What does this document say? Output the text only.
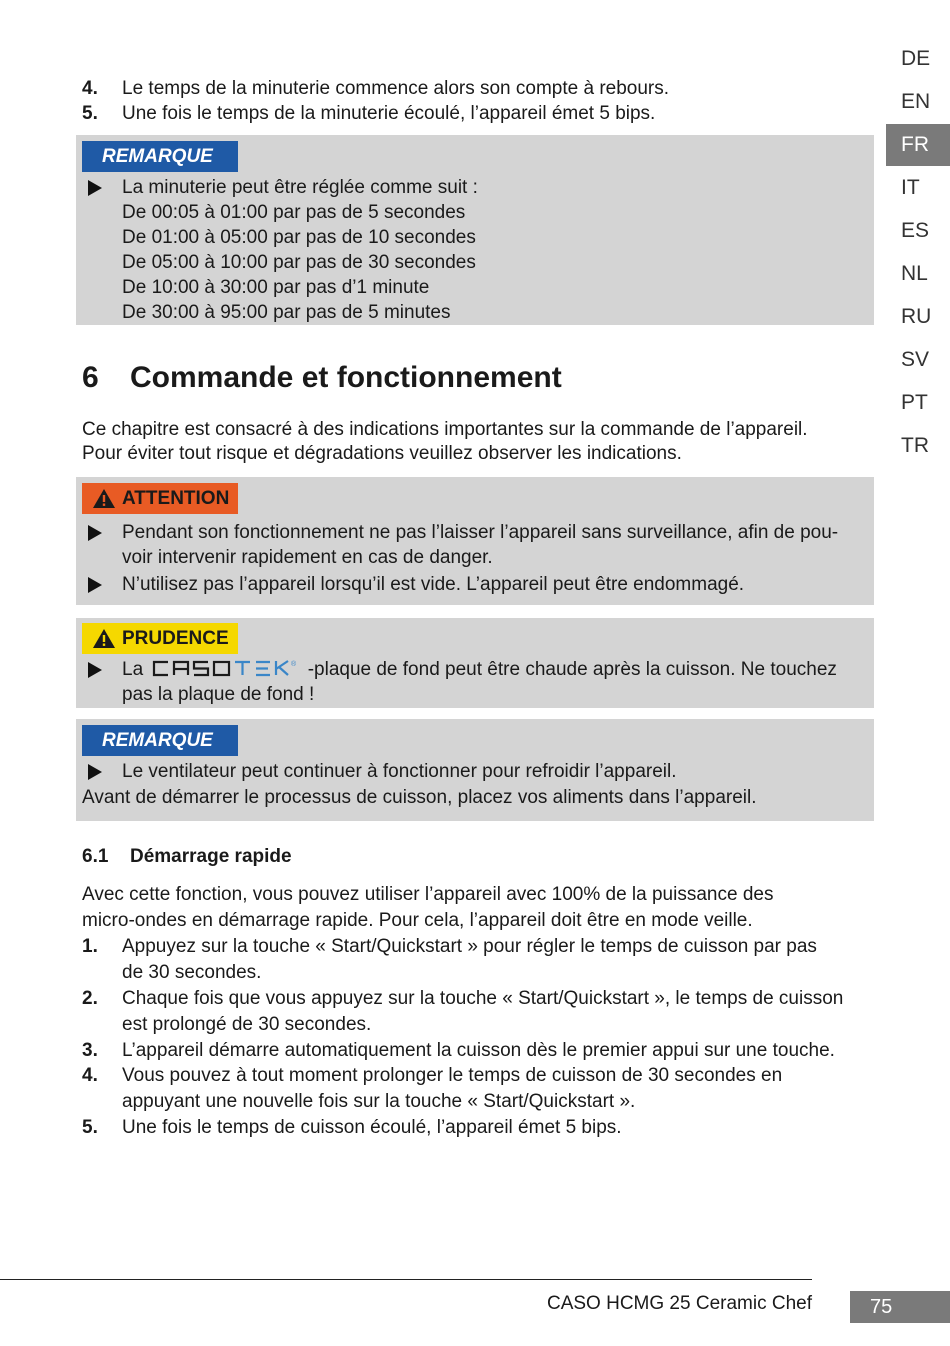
DE
EN
FR
IT
ES
NL
RU
SV
PT
TR
4. Le temps de la minuterie commence alors son compte à rebours.
5. Une fois le temps de la minuterie écoulé, l’appareil émet 5 bips.
REMARQUE
La minuterie peut être réglée comme suit :
De 00:05 à 01:00 par pas de 5 secondes
De 01:00 à 05:00 par pas de 10 secondes
De 05:00 à 10:00 par pas de 30 secondes
De 10:00 à 30:00 par pas d’1 minute
De 30:00 à 95:00 par pas de 5 minutes
6 Commande et fonctionnement
Ce chapitre est consacré à des indications importantes sur la commande de l’appareil.
Pour éviter tout risque et dégradations veuillez observer les indications.
ATTENTION
Pendant son fonctionnement ne pas l’laisser l’appareil sans surveillance, afin de pou-
voir intervenir rapidement en cas de danger.
N’utilisez pas l’appareil lorsqu’il est vide. L’appareil peut être endommagé.
PRUDENCE
La	® -plaque de fond peut être chaude après la cuisson. Ne touchez
pas la plaque de fond !
REMARQUE
Le ventilateur peut continuer à fonctionner pour refroidir l’appareil.
Avant de démarrer le processus de cuisson, placez vos aliments dans l’appareil.
6.1 Démarrage rapide
Avec cette fonction, vous pouvez utiliser l’appareil avec 100% de la puissance des
micro-ondes en démarrage rapide. Pour cela, l’appareil doit être en mode veille.
1. Appuyez sur la touche « Start/Quickstart » pour régler le temps de cuisson par pas
de 30 secondes.
2. Chaque fois que vous appuyez sur la touche « Start/Quickstart », le temps de cuisson
est prolongé de 30 secondes.
3. L’appareil démarre automatiquement la cuisson dès le premier appui sur une touche.
4. Vous pouvez à tout moment prolonger le temps de cuisson de 30 secondes en
appuyant une nouvelle fois sur la touche « Start/Quickstart ».
5. Une fois le temps de cuisson écoulé, l’appareil émet 5 bips.
CASO HCMG 25 Ceramic Chef	75
